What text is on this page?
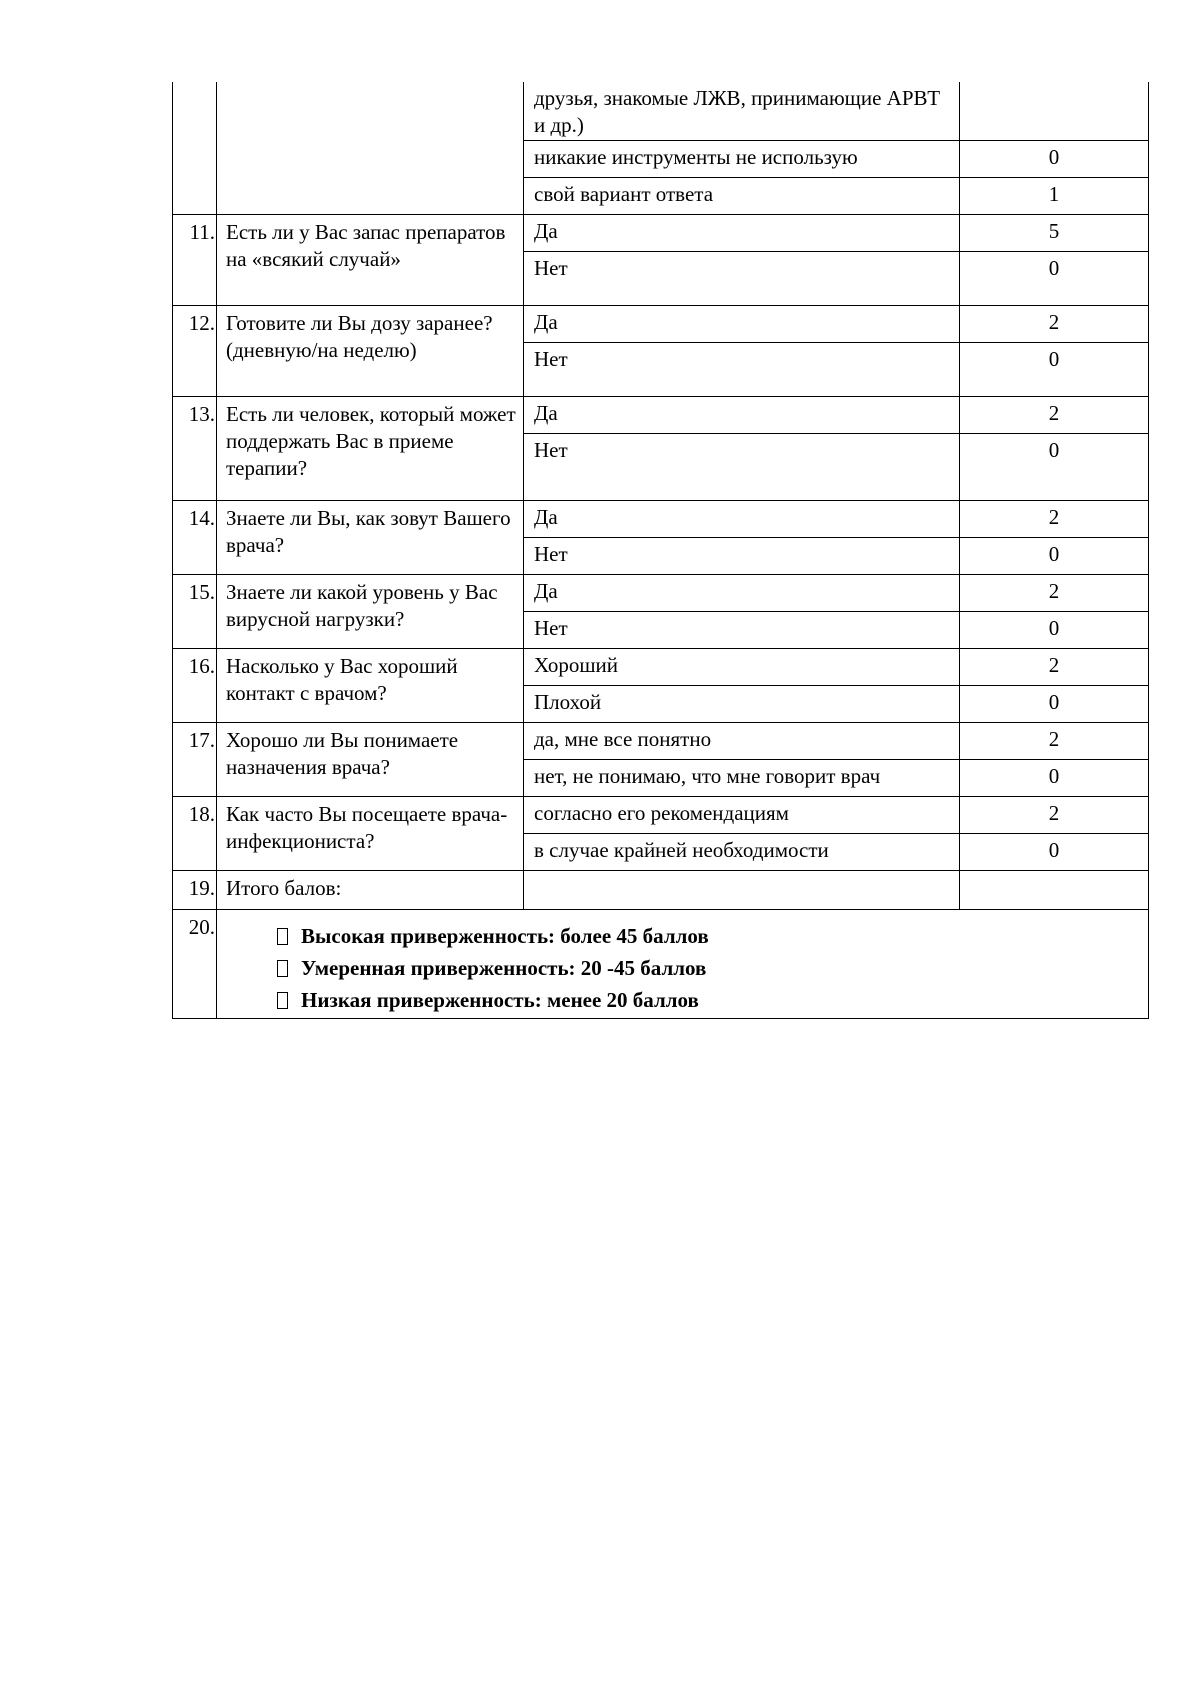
		друзья, знакомые ЛЖВ, принимающие АРВТ и др.)	
		никакие инструменты не использую	0
		свой вариант ответа	1
11.	Есть ли у Вас запас препаратов на «всякий случай»	Да	5
		Нет	0
12.	Готовите ли Вы дозу заранее? (дневную/на неделю)	Да	2
		Нет	0
13.	Есть ли человек, который может поддержать Вас в приеме терапии?	Да	2
		Нет	0
14.	Знаете ли Вы, как зовут Вашего врача?	Да	2
		Нет	0
15.	Знаете ли какой уровень у Вас вирусной нагрузки?	Да	2
		Нет	0
16.	Насколько у Вас хороший контакт с врачом?	Хороший	2
		Плохой	0
17.	Хорошо ли Вы понимаете назначения врача?	да, мне все понятно	2
		нет, не понимаю, что мне говорит врач	0
18.	Как часто Вы посещаете врача- инфекциониста?	согласно его рекомендациям	2
		в случае крайней необходимости	0
19.	Итого балов:		
20.	Высокая приверженность: более 45 баллов
Умеренная приверженность: 20 -45 баллов
Низкая приверженность: менее 20 баллов		
